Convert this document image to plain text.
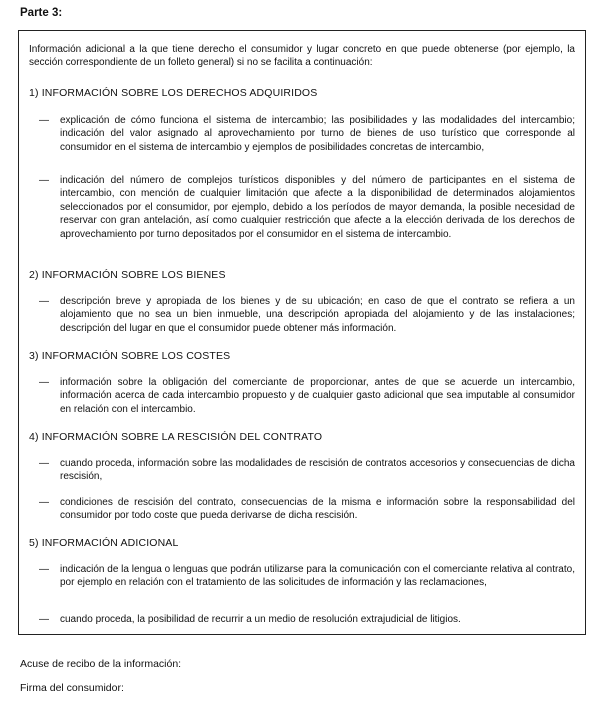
Parte 3:
Información adicional a la que tiene derecho el consumidor y lugar concreto en que puede obtenerse (por ejemplo, la sección correspondiente de un folleto general) si no se facilita a continuación:
1) INFORMACIÓN SOBRE LOS DERECHOS ADQUIRIDOS
— explicación de cómo funciona el sistema de intercambio; las posibilidades y las modalidades del intercambio; indicación del valor asignado al aprovechamiento por turno de bienes de uso turístico que corresponde al consumidor en el sistema de intercambio y ejemplos de posibilidades concretas de intercambio,
— indicación del número de complejos turísticos disponibles y del número de participantes en el sistema de intercambio, con mención de cualquier limitación que afecte a la disponibilidad de determinados alojamientos seleccionados por el consumidor, por ejemplo, debido a los períodos de mayor demanda, la posible necesidad de reservar con gran antelación, así como cualquier restricción que afecte a la elección derivada de los derechos de aprovechamiento por turno depositados por el consumidor en el sistema de intercambio.
2) INFORMACIÓN SOBRE LOS BIENES
— descripción breve y apropiada de los bienes y de su ubicación; en caso de que el contrato se refiera a un alojamiento que no sea un bien inmueble, una descripción apropiada del alojamiento y de las instalaciones; descripción del lugar en que el consumidor puede obtener más información.
3) INFORMACIÓN SOBRE LOS COSTES
— información sobre la obligación del comerciante de proporcionar, antes de que se acuerde un intercambio, información acerca de cada intercambio propuesto y de cualquier gasto adicional que sea imputable al consumidor en relación con el intercambio.
4) INFORMACIÓN SOBRE LA RESCISIÓN DEL CONTRATO
— cuando proceda, información sobre las modalidades de rescisión de contratos accesorios y consecuencias de dicha rescisión,
— condiciones de rescisión del contrato, consecuencias de la misma e información sobre la responsabilidad del consumidor por todo coste que pueda derivarse de dicha rescisión.
5) INFORMACIÓN ADICIONAL
— indicación de la lengua o lenguas que podrán utilizarse para la comunicación con el comerciante relativa al contrato, por ejemplo en relación con el tratamiento de las solicitudes de información y las reclamaciones,
— cuando proceda, la posibilidad de recurrir a un medio de resolución extrajudicial de litigios.
Acuse de recibo de la información:
Firma del consumidor:
